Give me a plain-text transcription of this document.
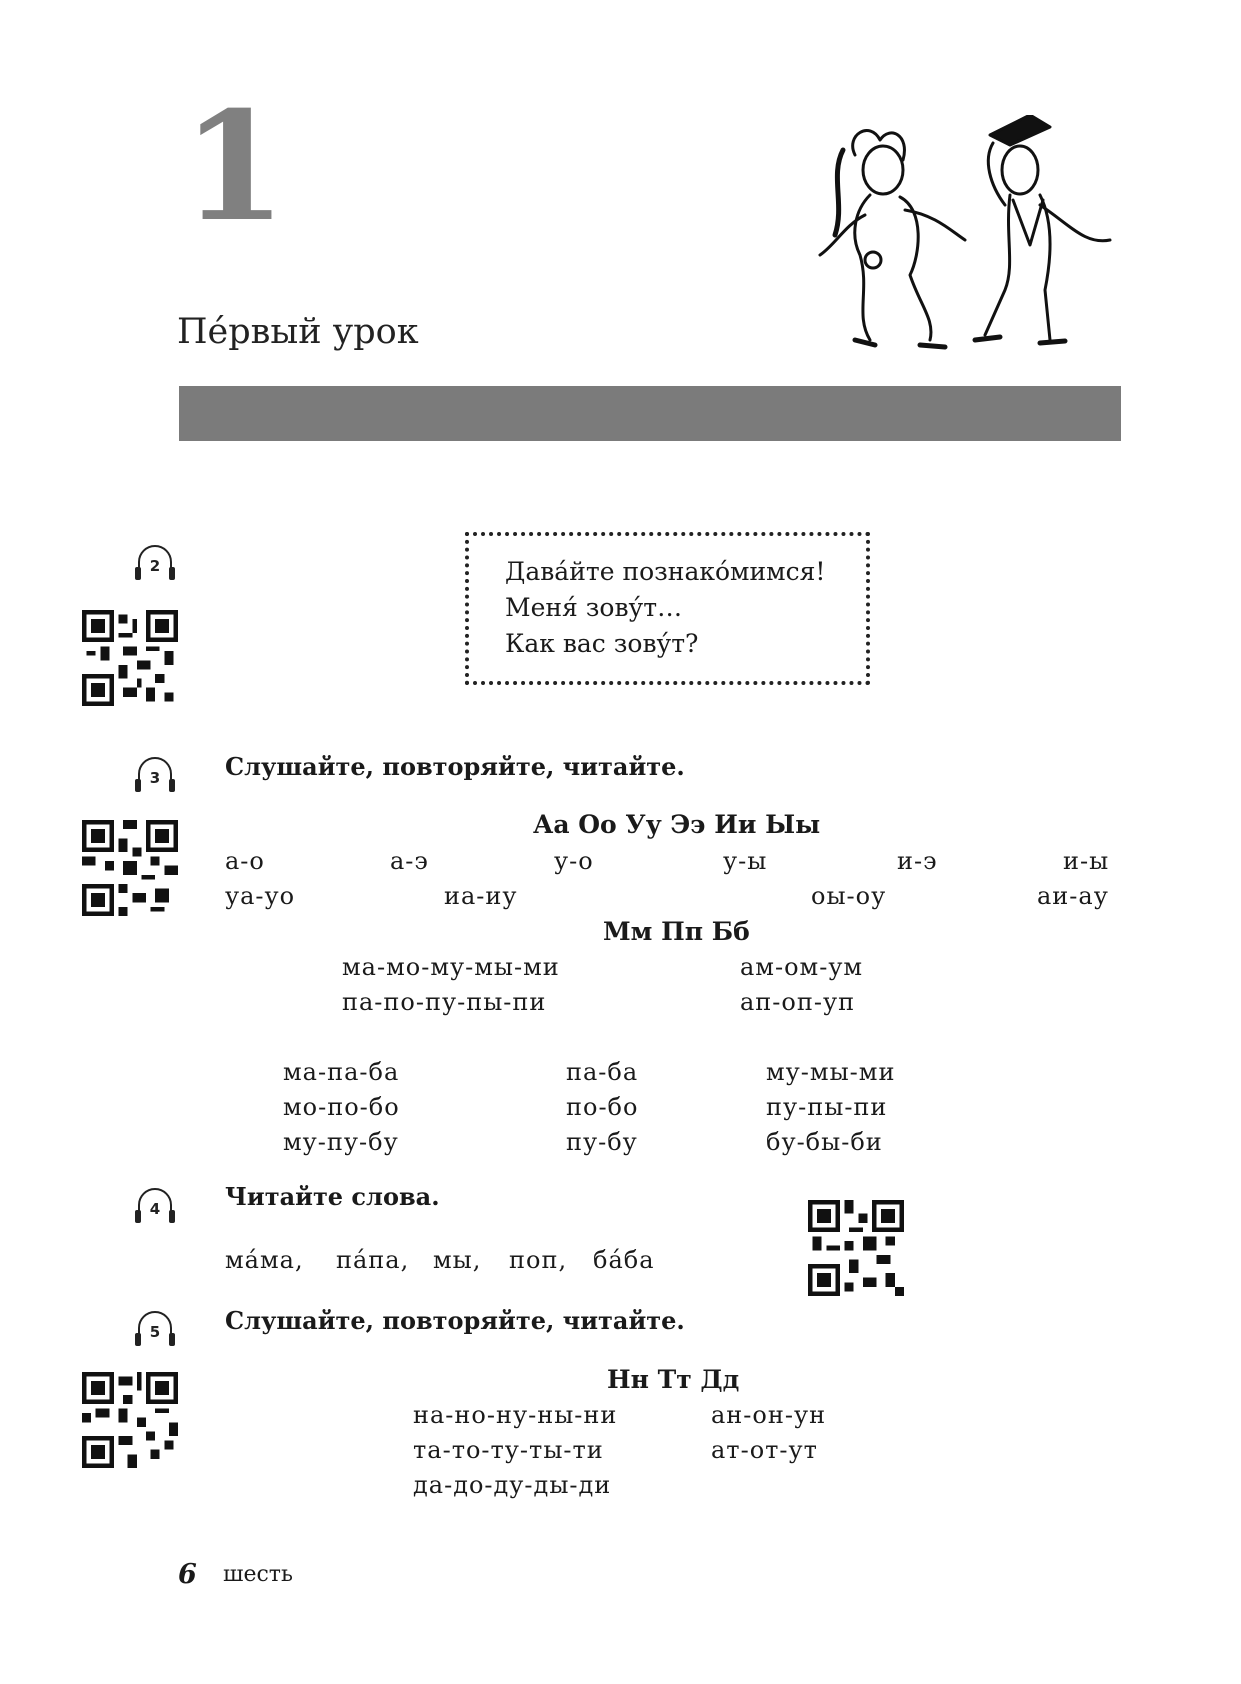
1
Пе́рвый урок
2	Дава́йте познако́мимся!
Меня́ зову́т…
Как вас зову́т?
3	Слушайте, повторяйте, читайте.
Аа Оо Уу Ээ Ии Ыы
а-о	а-э	у-о	у-ы	и-э	и-ы
уа-уо	иа-иу	оы-оу	аи-ау
Мм Пп Бб
ма-мо-му-мы-ми	ам-ом-ум
па-по-пу-пы-пи	ап-оп-уп
ма-па-ба	па-ба	му-мы-ми
мо-по-бо	по-бо	пу-пы-пи
му-пу-бу	пу-бу	бу-бы-би
4	Читайте слова.
ма́ма, па́па, мы, поп, ба́ба
5	Слушайте, повторяйте, читайте.
Нн Тт Дд
на-но-ну-ны-ни	ан-он-ун
та-то-ту-ты-ти	ат-от-ут
да-до-ду-ды-ди
6 шесть
